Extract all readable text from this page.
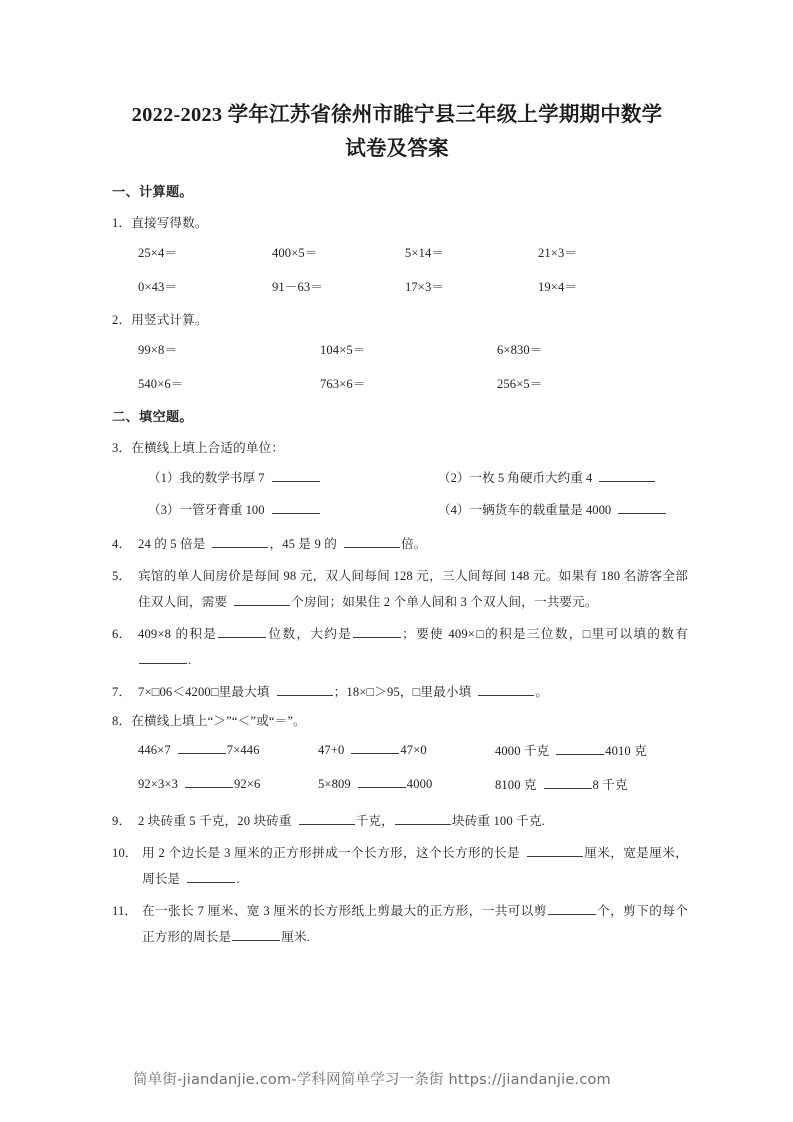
2022-2023 学年江苏省徐州市睢宁县三年级上学期期中数学
试卷及答案
一、计算题。
1．直接写得数。
25×4＝	400×5＝	5×14＝	21×3＝
0×43＝	91－63＝	17×3＝	19×4＝
2．用竖式计算。
99×8＝	104×5＝	6×830＝
540×6＝	763×6＝	256×5＝
二、填空题。
3．在横线上填上合适的单位：
（1）我的数学书厚 7	（2）一枚 5 角硬币大约重 4
（3）一管牙膏重 100	（4）一辆货车的载重量是 4000
4． 24 的 5 倍是	，45 是 9 的	倍。
5． 宾馆的单人间房价是每间 98 元，双人间每间 128 元，三人间每间 148 元。如果有 180 名游客全部住双人间，需要	个房间；如果住 2 个单人间和 3 个双人间，一共要元。
6． 409×8 的积是	位数，大约是	；要使 409×□的积是三位数，□里可以填的数有.
7． 7×□06＜4200□里最大填	；18×□＞95，□里最小填	。
8．在横线上填上“＞”“＜”或“＝”。
446×7	7×446	47+0	47×0	4000 千克	4010 克
92×3×3	92×6	5×809	4000	8100 克	8 千克
9． 2 块砖重 5 千克，20 块砖重	千克，	块砖重 100 千克.
10． 用 2 个边长是 3 厘米的正方形拼成一个长方形，这个长方形的长是	厘米，宽是厘米，周长是	.
11． 在一张长 7 厘米、宽 3 厘米的长方形纸上剪最大的正方形，一共可以剪	个，剪下的每个正方形的周长是	厘米.
简单街-jiandanjie.com-学科网简单学习一条街 https://jiandanjie.com
